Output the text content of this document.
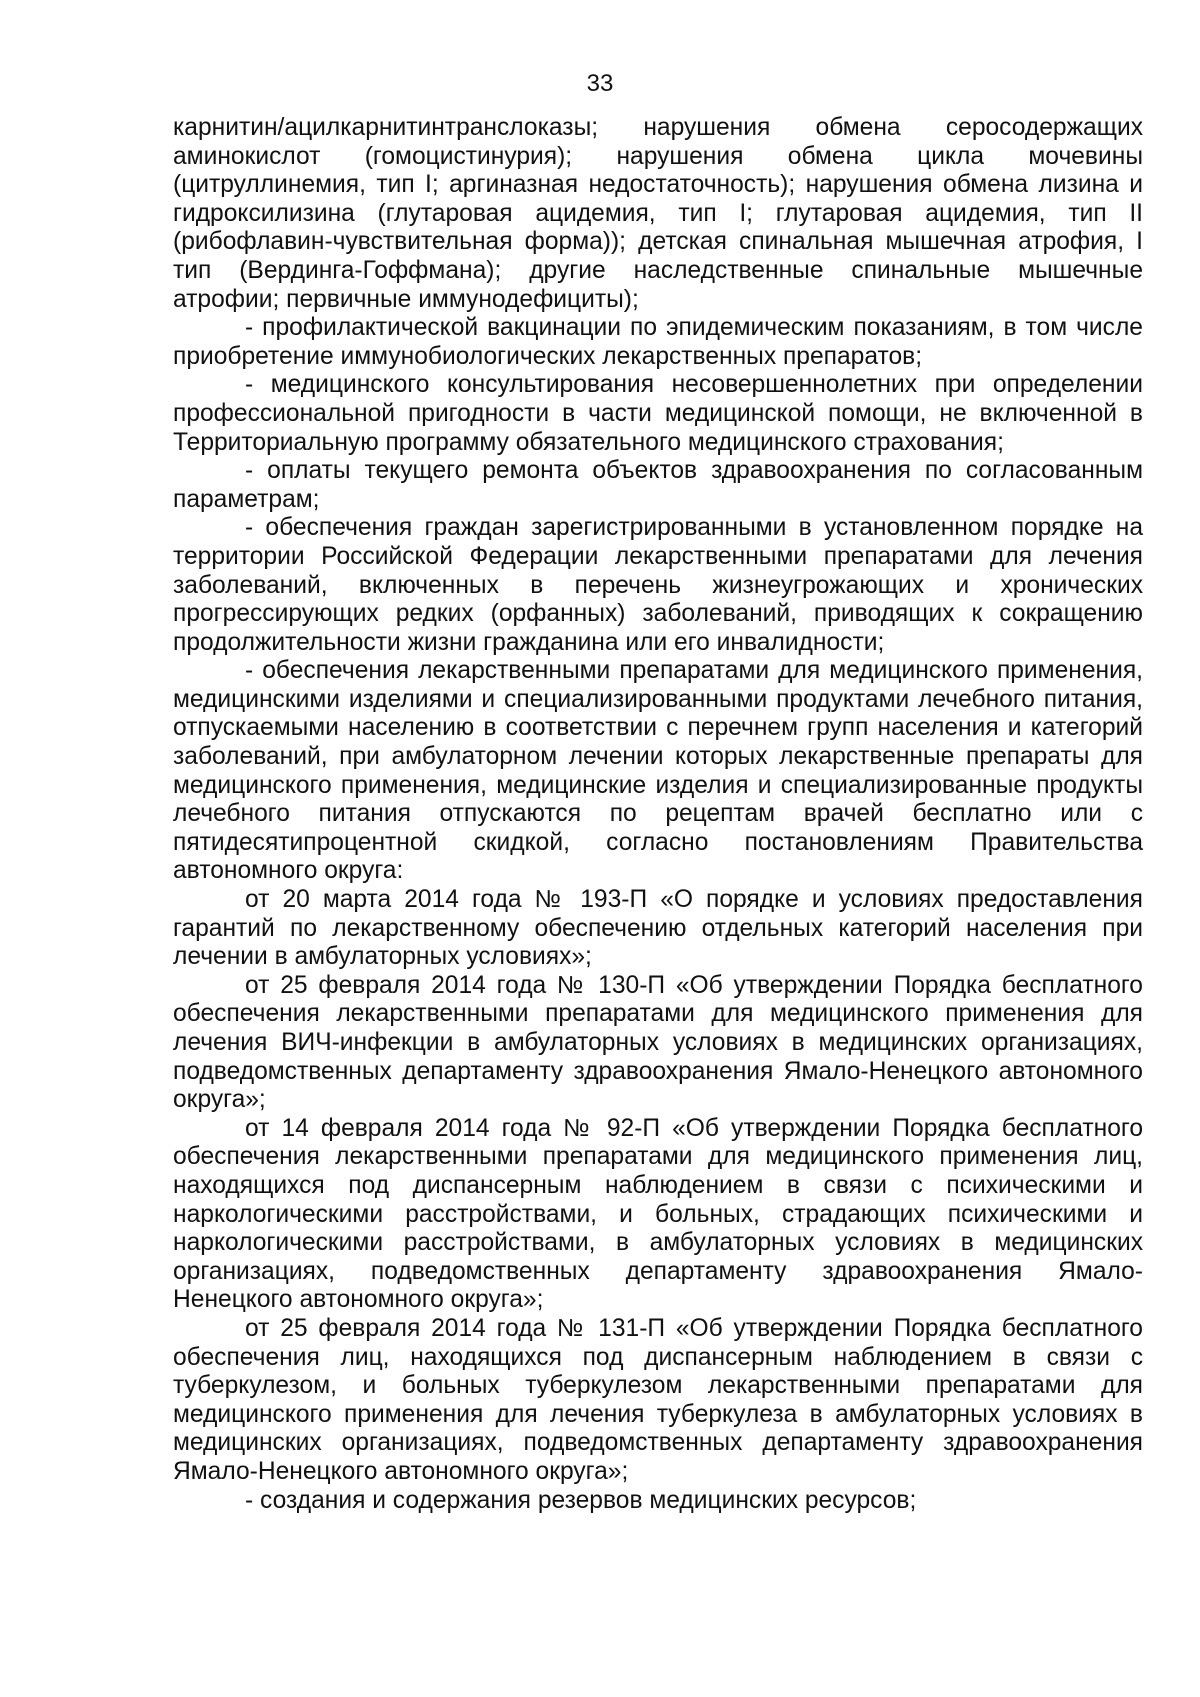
33

карнитин/ацилкарнитинтранслоказы; нарушения обмена серосодержащих аминокислот (гомоцистинурия); нарушения обмена цикла мочевины (цитруллинемия, тип I; аргиназная недостаточность); нарушения обмена лизина и гидроксилизина (глутаровая ацидемия, тип I; глутаровая ацидемия, тип II (рибофлавин-чувствительная форма)); детская спинальная мышечная атрофия, I тип (Вердинга-Гоффмана); другие наследственные спинальные мышечные атрофии; первичные иммунодефициты);

- профилактической вакцинации по эпидемическим показаниям, в том числе приобретение иммунобиологических лекарственных препаратов;

- медицинского консультирования несовершеннолетних при определении профессиональной пригодности в части медицинской помощи, не включенной в Территориальную программу обязательного медицинского страхования;

- оплаты текущего ремонта объектов здравоохранения по согласованным параметрам;

- обеспечения граждан зарегистрированными в установленном порядке на территории Российской Федерации лекарственными препаратами для лечения заболеваний, включенных в перечень жизнеугрожающих и хронических прогрессирующих редких (орфанных) заболеваний, приводящих к сокращению продолжительности жизни гражданина или его инвалидности;

- обеспечения лекарственными препаратами для медицинского применения, медицинскими изделиями и специализированными продуктами лечебного питания, отпускаемыми населению в соответствии с перечнем групп населения и категорий заболеваний, при амбулаторном лечении которых лекарственные препараты для медицинского применения, медицинские изделия и специализированные продукты лечебного питания отпускаются по рецептам врачей бесплатно или с пятидесятипроцентной скидкой, согласно постановлениям Правительства автономного округа:

от 20 марта 2014 года № 193-П «О порядке и условиях предоставления гарантий по лекарственному обеспечению отдельных категорий населения при лечении в амбулаторных условиях»;

от 25 февраля 2014 года № 130-П «Об утверждении Порядка бесплатного обеспечения лекарственными препаратами для медицинского применения для лечения ВИЧ-инфекции в амбулаторных условиях в медицинских организациях, подведомственных департаменту здравоохранения Ямало-Ненецкого автономного округа»;

от 14 февраля 2014 года № 92-П «Об утверждении Порядка бесплатного обеспечения лекарственными препаратами для медицинского применения лиц, находящихся под диспансерным наблюдением в связи с психическими и наркологическими расстройствами, и больных, страдающих психическими и наркологическими расстройствами, в амбулаторных условиях в медицинских организациях, подведомственных департаменту здравоохранения Ямало-Ненецкого автономного округа»;

от 25 февраля 2014 года № 131-П «Об утверждении Порядка бесплатного обеспечения лиц, находящихся под диспансерным наблюдением в связи с туберкулезом, и больных туберкулезом лекарственными препаратами для медицинского применения для лечения туберкулеза в амбулаторных условиях в медицинских организациях, подведомственных департаменту здравоохранения Ямало-Ненецкого автономного округа»;

- создания и содержания резервов медицинских ресурсов;
